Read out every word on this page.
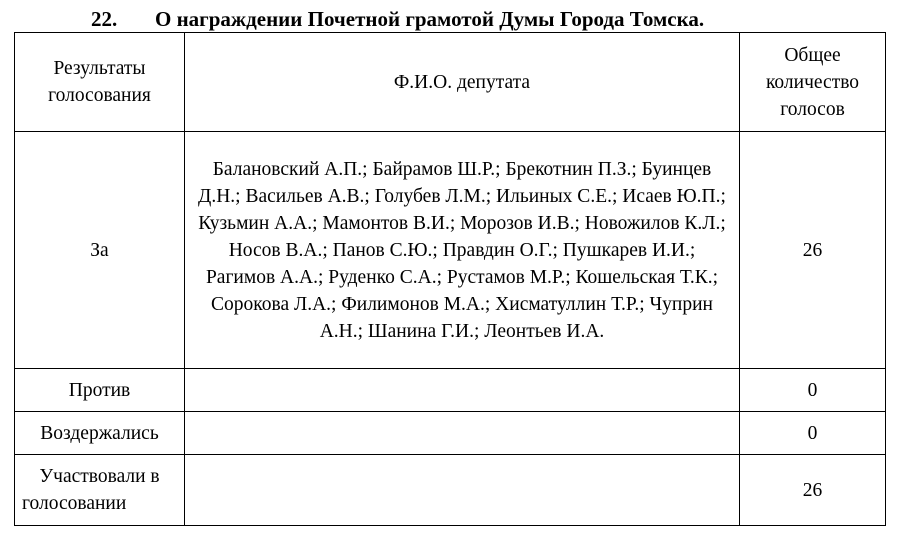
22. О награждении Почетной грамотой Думы Города Томска.
Результаты голосования	Ф.И.О. депутата	Общее количество голосов
За	Балановский А.П.; Байрамов Ш.Р.; Брекотнин П.З.; Буинцев Д.Н.; Васильев А.В.; Голубев Л.М.; Ильиных С.Е.; Исаев Ю.П.; Кузьмин А.А.; Мамонтов В.И.; Морозов И.В.; Новожилов К.Л.; Носов В.А.; Панов С.Ю.; Правдин О.Г.; Пушкарев И.И.; Рагимов А.А.; Руденко С.А.; Рустамов М.Р.; Кошельская Т.К.; Сорокова Л.А.; Филимонов М.А.; Хисматуллин Т.Р.; Чуприн А.Н.; Шанина Г.И.; Леонтьев И.А.	26
Против		0
Воздержались		0
Участвовали в голосовании		26
